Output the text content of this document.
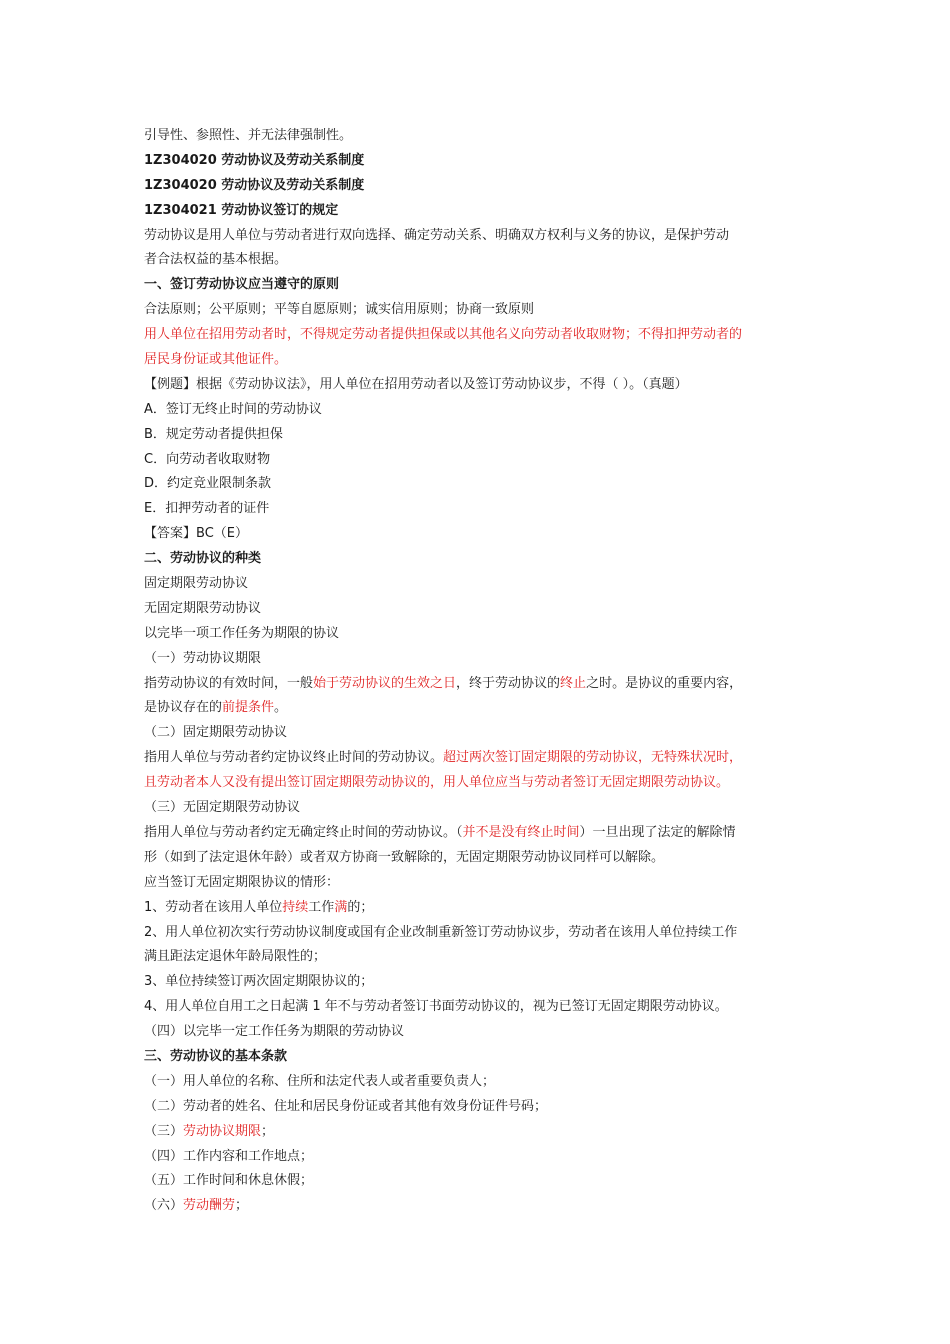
引导性、参照性、并无法律强制性。
1Z304020 劳动协议及劳动关系制度
1Z304020 劳动协议及劳动关系制度
1Z304021 劳动协议签订的规定
劳动协议是用人单位与劳动者进行双向选择、确定劳动关系、明确双方权利与义务的协议，是保护劳动
者合法权益的基本根据。
一、签订劳动协议应当遵守的原则
合法原则；公平原则；平等自愿原则；诚实信用原则；协商一致原则
用人单位在招用劳动者时，不得规定劳动者提供担保或以其他名义向劳动者收取财物；不得扣押劳动者的
居民身份证或其他证件。
【例题】根据《劳动协议法》，用人单位在招用劳动者以及签订劳动协议步，不得（ ）。（真题）
A．签订无终止时间的劳动协议
B．规定劳动者提供担保
C．向劳动者收取财物
D．约定竞业限制条款
E．扣押劳动者的证件
【答案】BC（E）
二、劳动协议的种类
固定期限劳动协议
无固定期限劳动协议
以完毕一项工作任务为期限的协议
（一）劳动协议期限
指劳动协议的有效时间，一般始于劳动协议的生效之日，终于劳动协议的终止之时。是协议的重要内容，
是协议存在的前提条件。
（二）固定期限劳动协议
指用人单位与劳动者约定协议终止时间的劳动协议。超过两次签订固定期限的劳动协议，无特殊状况时，
且劳动者本人又没有提出签订固定期限劳动协议的，用人单位应当与劳动者签订无固定期限劳动协议。
（三）无固定期限劳动协议
指用人单位与劳动者约定无确定终止时间的劳动协议。（并不是没有终止时间）一旦出现了法定的解除情
形（如到了法定退休年龄）或者双方协商一致解除的，无固定期限劳动协议同样可以解除。
应当签订无固定期限协议的情形：
1、劳动者在该用人单位持续工作满的；
2、用人单位初次实行劳动协议制度或国有企业改制重新签订劳动协议步，劳动者在该用人单位持续工作
满且距法定退休年龄局限性的；
3、单位持续签订两次固定期限协议的；
4、用人单位自用工之日起满 1 年不与劳动者签订书面劳动协议的，视为已签订无固定期限劳动协议。
（四）以完毕一定工作任务为期限的劳动协议
三、劳动协议的基本条款
（一）用人单位的名称、住所和法定代表人或者重要负责人；
（二）劳动者的姓名、住址和居民身份证或者其他有效身份证件号码；
（三）劳动协议期限；
（四）工作内容和工作地点；
（五）工作时间和休息休假；
（六）劳动酬劳；
